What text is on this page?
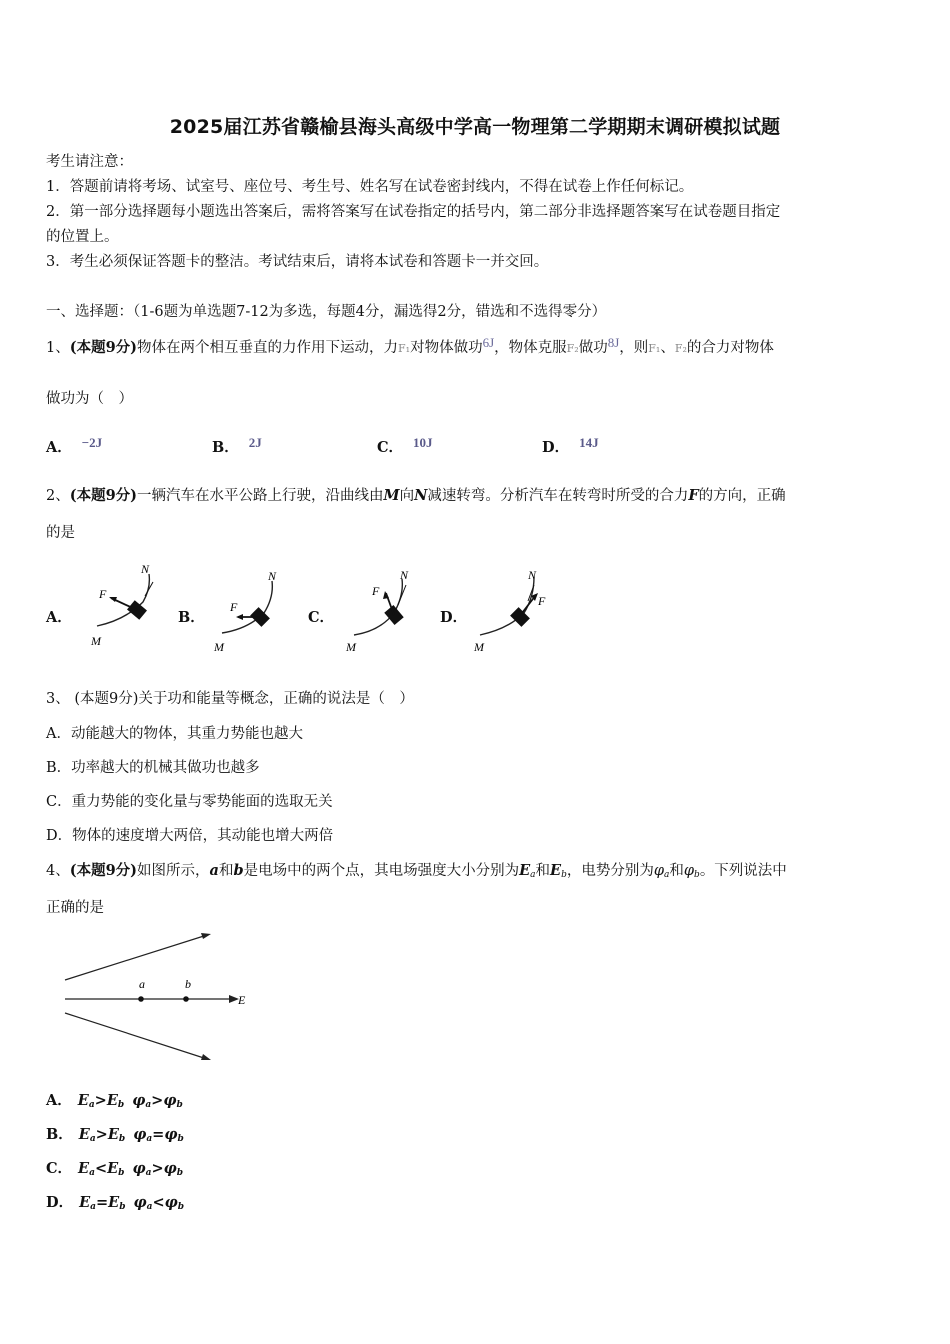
2025届江苏省赣榆县海头高级中学高一物理第二学期期末调研模拟试题
考生请注意：
1．答题前请将考场、试室号、座位号、考生号、姓名写在试卷密封线内，不得在试卷上作任何标记。
2．第一部分选择题每小题选出答案后，需将答案写在试卷指定的括号内，第二部分非选择题答案写在试卷题目指定
的位置上。
3．考生必须保证答题卡的整洁。考试结束后，请将本试卷和答题卡一并交回。
一、选择题：（1-6题为单选题7-12为多选，每题4分，漏选得2分，错选和不选得零分）
1、(本题9分)物体在两个相互垂直的力作用下运动，力F₁对物体做功6J，物体克服F₂做功8J，则F₁、F₂的合力对物体
做功为（　）
A． −2J	B． 2J	C． 10J	D． 14J
2、(本题9分)一辆汽车在水平公路上行驶，沿曲线由M向N减速转弯。分析汽车在转弯时所受的合力F的方向，正确
的是
A．	B．	C．	D．
N
F
M
N
F
M
N
F
M
N
F
M
3、 (本题9分)关于功和能量等概念，正确的说法是（　）
A．动能越大的物体，其重力势能也越大
B．功率越大的机械其做功也越多
C．重力势能的变化量与零势能面的选取无关
D．物体的速度增大两倍，其动能也增大两倍
4、(本题9分)如图所示，a和b是电场中的两个点，其电场强度大小分别为Ea和Eb，电势分别为φa和φb。下列说法中
正确的是
a	b
E
A． Ea>Eb φa>φb
B． Ea>Eb φa=φb
C． Ea<Eb φa>φb
D． Ea=Eb φa<φb
